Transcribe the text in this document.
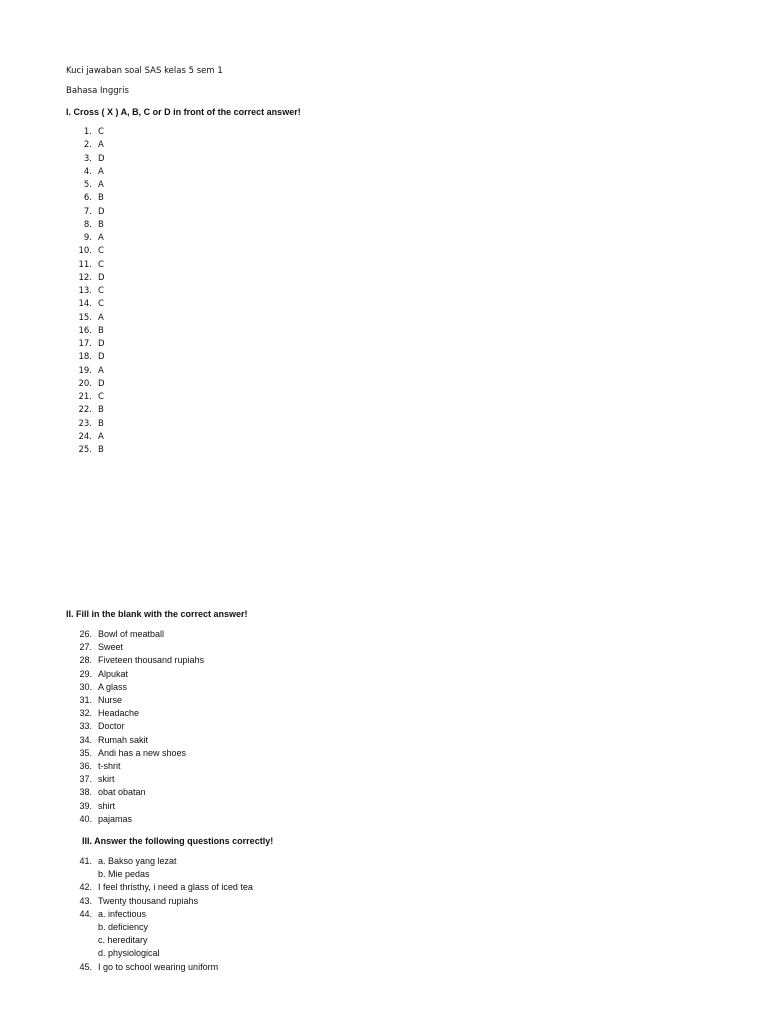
Kuci jawaban soal SAS kelas 5 sem 1
Bahasa Inggris
I. Cross ( X ) A, B, C or D in front of the correct answer!
1. C
2. A
3. D
4. A
5. A
6. B
7. D
8. B
9. A
10. C
11. C
12. D
13. C
14. C
15. A
16. B
17. D
18. D
19. A
20. D
21. C
22. B
23. B
24. A
25. B
II. Fill in the blank with the correct answer!
26. Bowl of meatball
27. Sweet
28. Fiveteen thousand rupiahs
29. Alpukat
30. A glass
31. Nurse
32. Headache
33. Doctor
34. Rumah sakit
35. Andi has a new shoes
36. t-shrit
37. skirt
38. obat obatan
39. shirt
40. pajamas
III. Answer the following questions correctly!
41. a. Bakso yang lezat
b. Mie pedas
42. I feel thristhy, i need a glass of iced tea
43. Twenty thousand rupiahs
44. a. infectious
b. deficiency
c. hereditary
d. physiological
45. I go to school wearing uniform
